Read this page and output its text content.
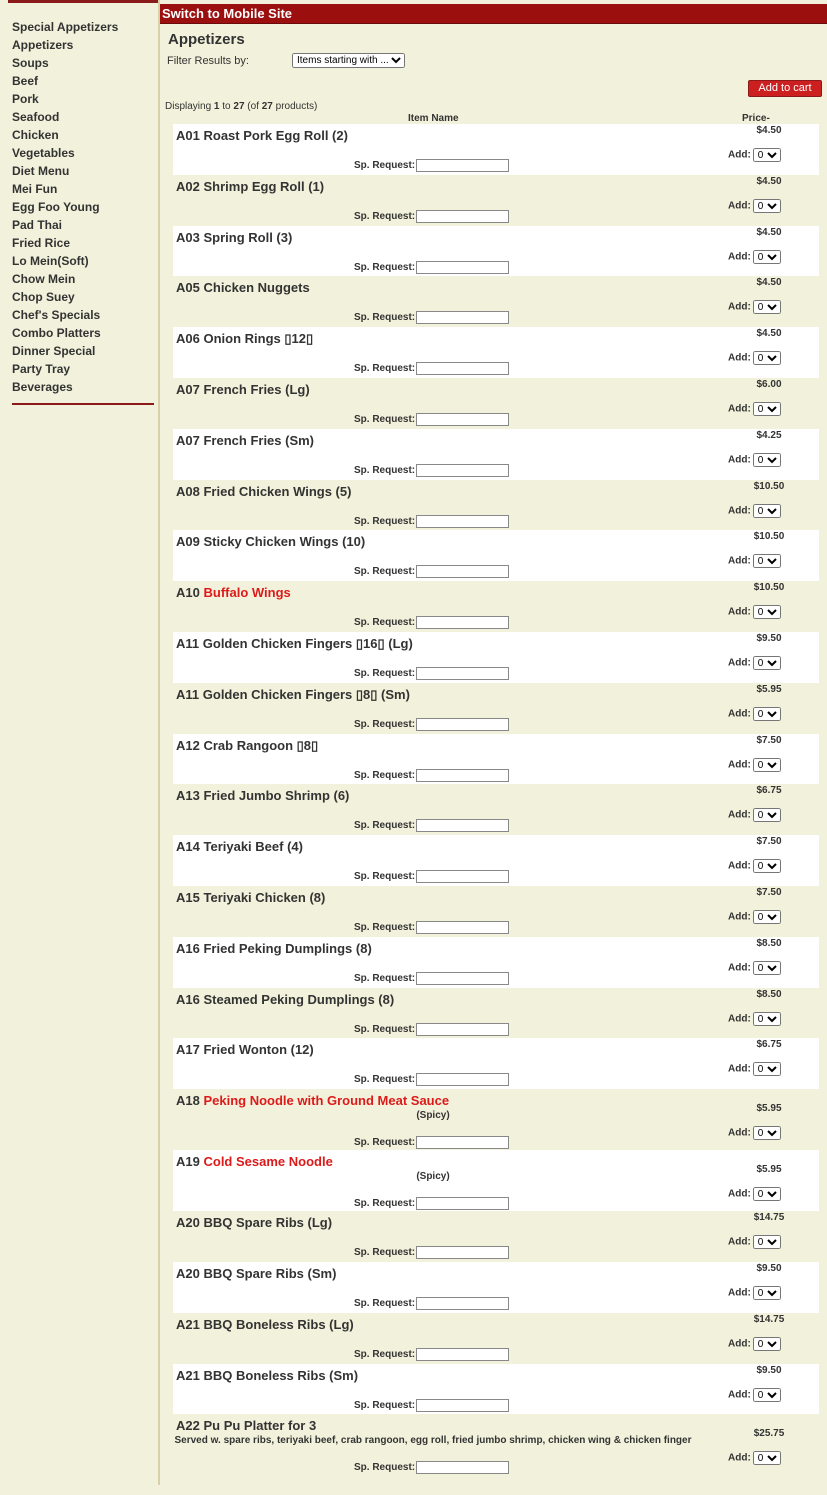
Special Appetizers
Appetizers
Soups
Beef
Pork
Seafood
Chicken
Vegetables
Diet Menu
Mei Fun
Egg Foo Young
Pad Thai
Fried Rice
Lo Mein(Soft)
Chow Mein
Chop Suey
Chef's Specials
Combo Platters
Dinner Special
Party Tray
Beverages
Switch to Mobile Site
Appetizers
Filter Results by:
Items starting with ...
Add to cart
Displaying 1 to 27 (of 27 products)
Item Name	Price-
A01 Roast Pork Egg Roll (2)	$4.50
Add:
0
Sp. Request:
A02 Shrimp Egg Roll (1)	$4.50
Add:
0
Sp. Request:
A03 Spring Roll (3)	$4.50
Add:
0
Sp. Request:
A05 Chicken Nuggets	$4.50
Add:
0
Sp. Request:
A06 Onion Rings ▯12▯	$4.50
Add:
0
Sp. Request:
A07 French Fries (Lg)	$6.00
Add:
0
Sp. Request:
A07 French Fries (Sm)	$4.25
Add:
0
Sp. Request:
A08 Fried Chicken Wings (5)	$10.50
Add:
0
Sp. Request:
A09 Sticky Chicken Wings (10)	$10.50
Add:
0
Sp. Request:
A10 Buffalo Wings	$10.50
Add:
0
Sp. Request:
A11 Golden Chicken Fingers ▯16▯ (Lg)	$9.50
Add:
0
Sp. Request:
A11 Golden Chicken Fingers ▯8▯ (Sm)	$5.95
Add:
0
Sp. Request:
A12 Crab Rangoon ▯8▯	$7.50
Add:
0
Sp. Request:
A13 Fried Jumbo Shrimp (6)	$6.75
Add:
0
Sp. Request:
A14 Teriyaki Beef (4)	$7.50
Add:
0
Sp. Request:
A15 Teriyaki Chicken (8)	$7.50
Add:
0
Sp. Request:
A16 Fried Peking Dumplings (8)	$8.50
Add:
0
Sp. Request:
A16 Steamed Peking Dumplings (8)	$8.50
Add:
0
Sp. Request:
A17 Fried Wonton (12)	$6.75
Add:
0
Sp. Request:
A18 Peking Noodle with Ground Meat Sauce
(Spicy)
$5.95
Add:
0
Sp. Request:
A19 Cold Sesame Noodle
(Spicy)
$5.95
Add:
0
Sp. Request:
A20 BBQ Spare Ribs (Lg)	$14.75
Add:
0
Sp. Request:
A20 BBQ Spare Ribs (Sm)	$9.50
Add:
0
Sp. Request:
A21 BBQ Boneless Ribs (Lg)	$14.75
Add:
0
Sp. Request:
A21 BBQ Boneless Ribs (Sm)	$9.50
Add:
0
Sp. Request:
A22 Pu Pu Platter for 3
Served w. spare ribs, teriyaki beef, crab rangoon, egg roll, fried jumbo shrimp, chicken wing & chicken finger
$25.75
Add:
0
Sp. Request:
